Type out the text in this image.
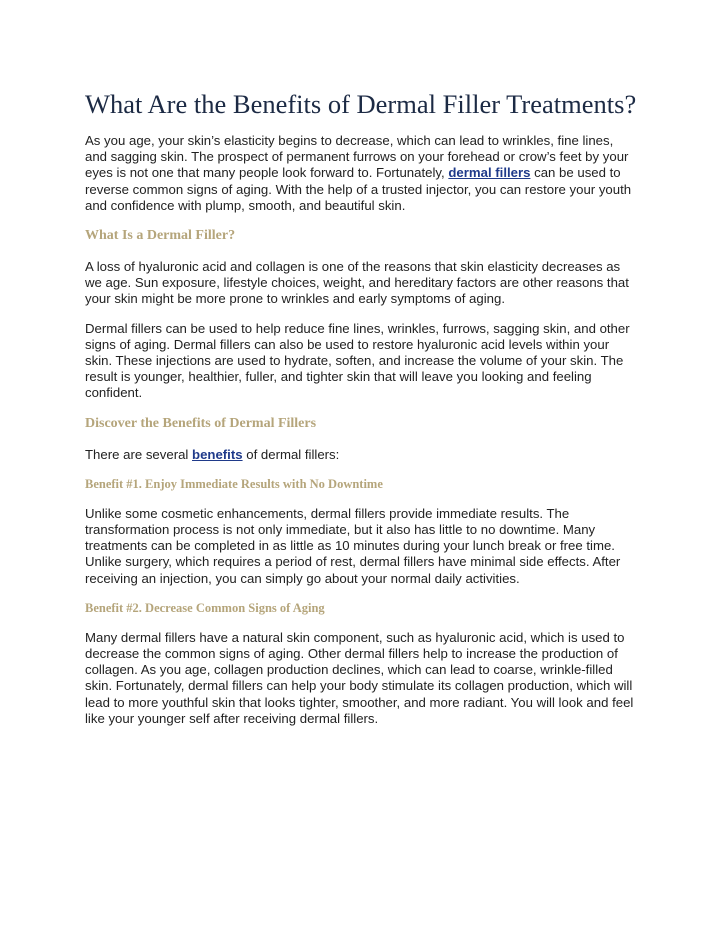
What Are the Benefits of Dermal Filler Treatments?

As you age, your skin’s elasticity begins to decrease, which can lead to wrinkles, fine lines, and sagging skin. The prospect of permanent furrows on your forehead or crow’s feet by your eyes is not one that many people look forward to. Fortunately, dermal fillers can be used to reverse common signs of aging. With the help of a trusted injector, you can restore your youth and confidence with plump, smooth, and beautiful skin.

What Is a Dermal Filler?

A loss of hyaluronic acid and collagen is one of the reasons that skin elasticity decreases as we age. Sun exposure, lifestyle choices, weight, and hereditary factors are other reasons that your skin might be more prone to wrinkles and early symptoms of aging.

Dermal fillers can be used to help reduce fine lines, wrinkles, furrows, sagging skin, and other signs of aging. Dermal fillers can also be used to restore hyaluronic acid levels within your skin. These injections are used to hydrate, soften, and increase the volume of your skin. The result is younger, healthier, fuller, and tighter skin that will leave you looking and feeling confident.

Discover the Benefits of Dermal Fillers

There are several benefits of dermal fillers:

Benefit #1. Enjoy Immediate Results with No Downtime

Unlike some cosmetic enhancements, dermal fillers provide immediate results. The transformation process is not only immediate, but it also has little to no downtime. Many treatments can be completed in as little as 10 minutes during your lunch break or free time. Unlike surgery, which requires a period of rest, dermal fillers have minimal side effects. After receiving an injection, you can simply go about your normal daily activities.

Benefit #2. Decrease Common Signs of Aging

Many dermal fillers have a natural skin component, such as hyaluronic acid, which is used to decrease the common signs of aging. Other dermal fillers help to increase the production of collagen. As you age, collagen production declines, which can lead to coarse, wrinkle-filled skin. Fortunately, dermal fillers can help your body stimulate its collagen production, which will lead to more youthful skin that looks tighter, smoother, and more radiant. You will look and feel like your younger self after receiving dermal fillers.
